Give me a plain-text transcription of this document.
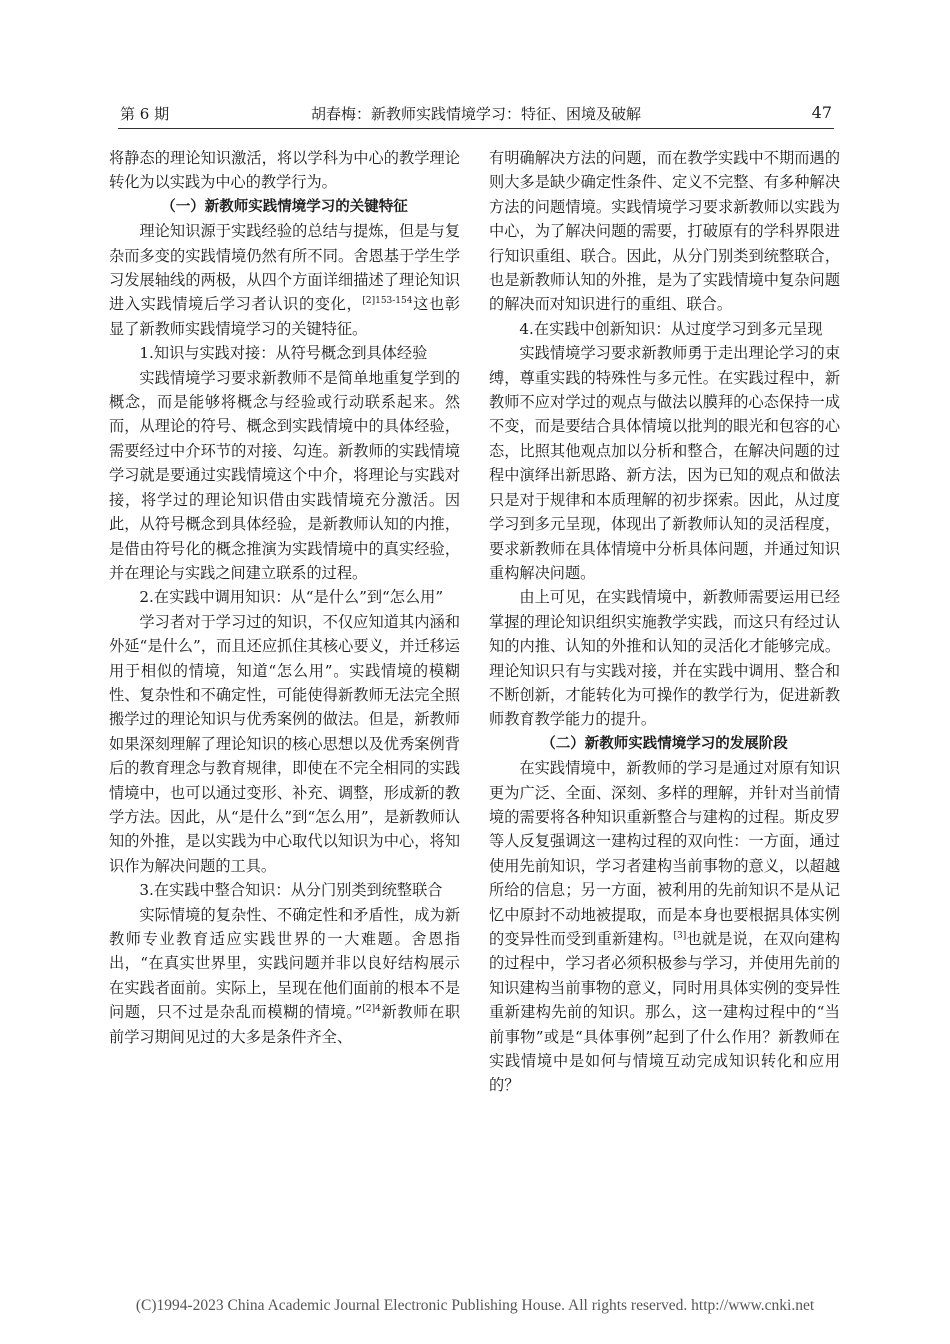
第 6 期	胡春梅：新教师实践情境学习：特征、困境及破解	47

将静态的理论知识激活，将以学科为中心的教学理论转化为以实践为中心的教学行为。

（一）新教师实践情境学习的关键特征

理论知识源于实践经验的总结与提炼，但是与复杂而多变的实践情境仍然有所不同。舍恩基于学生学习发展轴线的两极，从四个方面详细描述了理论知识进入实践情境后学习者认识的变化，$^{[2]153-154}$这也彰显了新教师实践情境学习的关键特征。

1.知识与实践对接：从符号概念到具体经验

实践情境学习要求新教师不是简单地重复学到的概念，而是能够将概念与经验或行动联系起来。然而，从理论的符号、概念到实践情境中的具体经验，需要经过中介环节的对接、勾连。新教师的实践情境学习就是要通过实践情境这个中介，将理论与实践对接，将学过的理论知识借由实践情境充分激活。因此，从符号概念到具体经验，是新教师认知的内推，是借由符号化的概念推演为实践情境中的真实经验，并在理论与实践之间建立联系的过程。

2.在实践中调用知识：从“是什么”到“怎么用”

学习者对于学习过的知识，不仅应知道其内涵和外延“是什么”，而且还应抓住其核心要义，并迁移运用于相似的情境，知道“怎么用”。实践情境的模糊性、复杂性和不确定性，可能使得新教师无法完全照搬学过的理论知识与优秀案例的做法。但是，新教师如果深刻理解了理论知识的核心思想以及优秀案例背后的教育理念与教育规律，即使在不完全相同的实践情境中，也可以通过变形、补充、调整，形成新的教学方法。因此，从“是什么”到“怎么用”，是新教师认知的外推，是以实践为中心取代以知识为中心，将知识作为解决问题的工具。

3.在实践中整合知识：从分门别类到统整联合

实际情境的复杂性、不确定性和矛盾性，成为新教师专业教育适应实践世界的一大难题。舍恩指出，“在真实世界里，实践问题并非以良好结构展示在实践者面前。实际上，呈现在他们面前的根本不是问题，只不过是杂乱而模糊的情境。”$^{[2]4}$新教师在职前学习期间见过的大多是条件齐全、

有明确解决方法的问题，而在教学实践中不期而遇的则大多是缺少确定性条件、定义不完整、有多种解决方法的问题情境。实践情境学习要求新教师以实践为中心，为了解决问题的需要，打破原有的学科界限进行知识重组、联合。因此，从分门别类到统整联合，也是新教师认知的外推，是为了实践情境中复杂问题的解决而对知识进行的重组、联合。

4.在实践中创新知识：从过度学习到多元呈现

实践情境学习要求新教师勇于走出理论学习的束缚，尊重实践的特殊性与多元性。在实践过程中，新教师不应对学过的观点与做法以膜拜的心态保持一成不变，而是要结合具体情境以批判的眼光和包容的心态，比照其他观点加以分析和整合，在解决问题的过程中演绎出新思路、新方法，因为已知的观点和做法只是对于规律和本质理解的初步探索。因此，从过度学习到多元呈现，体现出了新教师认知的灵活程度，要求新教师在具体情境中分析具体问题，并通过知识重构解决问题。

由上可见，在实践情境中，新教师需要运用已经掌握的理论知识组织实施教学实践，而这只有经过认知的内推、认知的外推和认知的灵活化才能够完成。理论知识只有与实践对接，并在实践中调用、整合和不断创新，才能转化为可操作的教学行为，促进新教师教育教学能力的提升。

（二）新教师实践情境学习的发展阶段

在实践情境中，新教师的学习是通过对原有知识更为广泛、全面、深刻、多样的理解，并针对当前情境的需要将各种知识重新整合与建构的过程。斯皮罗等人反复强调这一建构过程的双向性：一方面，通过使用先前知识，学习者建构当前事物的意义，以超越所给的信息；另一方面，被利用的先前知识不是从记忆中原封不动地被提取，而是本身也要根据具体实例的变异性而受到重新建构。[3]也就是说，在双向建构的过程中，学习者必须积极参与学习，并使用先前的知识建构当前事物的意义，同时用具体实例的变异性重新建构先前的知识。那么，这一建构过程中的“当前事物”或是“具体事例”起到了什么作用？新教师在实践情境中是如何与情境互动完成知识转化和应用的？

(C)1994-2023 China Academic Journal Electronic Publishing House. All rights reserved. http://www.cnki.net
